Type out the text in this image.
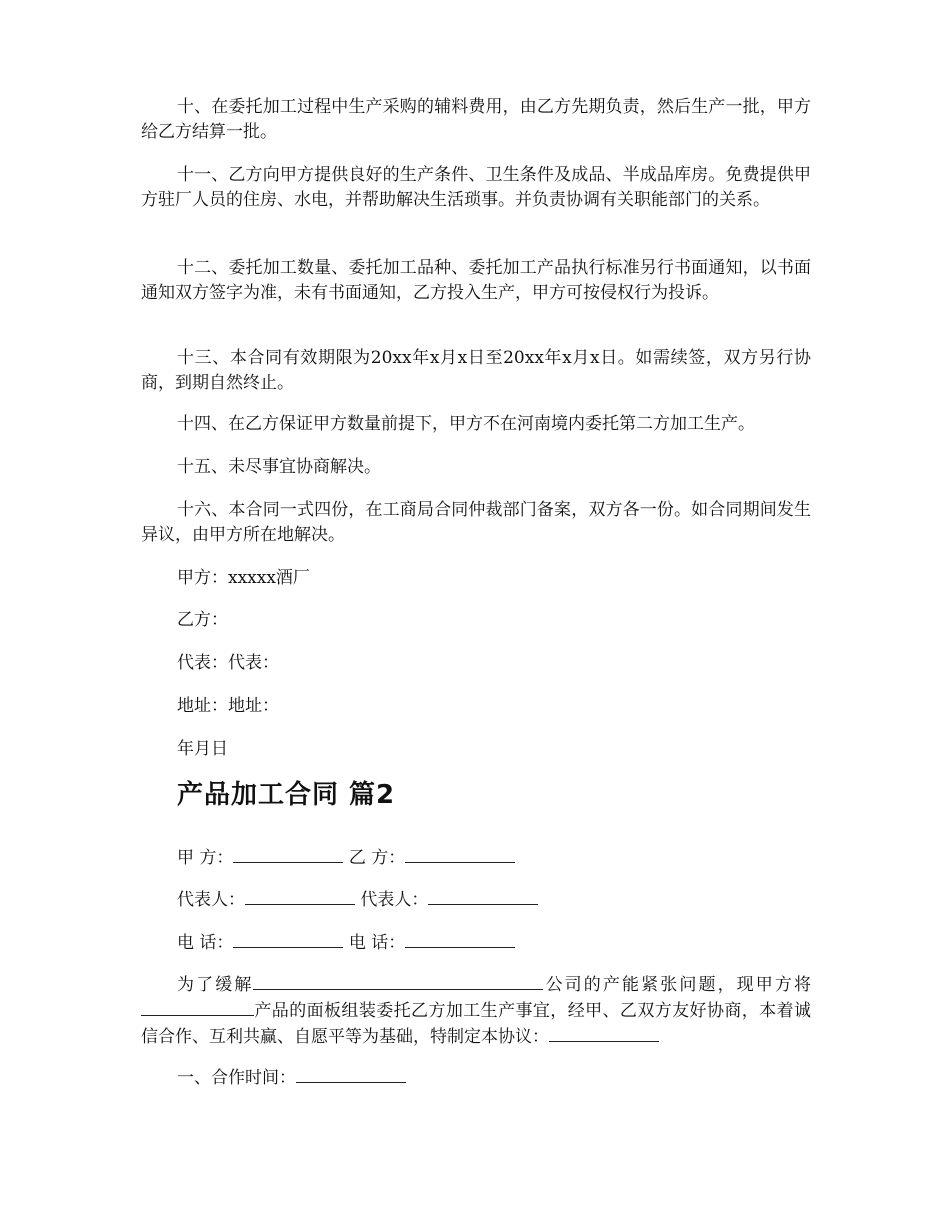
十、在委托加工过程中生产采购的辅料费用，由乙方先期负责，然后生产一批，甲方给乙方结算一批。

十一、乙方向甲方提供良好的生产条件、卫生条件及成品、半成品库房。免费提供甲方驻厂人员的住房、水电，并帮助解决生活琐事。并负责协调有关职能部门的关系。

十二、委托加工数量、委托加工品种、委托加工产品执行标准另行书面通知，以书面通知双方签字为准，未有书面通知，乙方投入生产，甲方可按侵权行为投诉。

十三、本合同有效期限为20xx年x月x日至20xx年x月x日。如需续签，双方另行协商，到期自然终止。

十四、在乙方保证甲方数量前提下，甲方不在河南境内委托第二方加工生产。

十五、未尽事宜协商解决。

十六、本合同一式四份，在工商局合同仲裁部门备案，双方各一份。如合同期间发生异议，由甲方所在地解决。

甲方：xxxxx酒厂

乙方：

代表：代表：

地址：地址：

年月日

产品加工合同 篇2

甲 方：	乙 方：

代表人：	代表人：

电 话：	电 话：

为了缓解	公司的产能紧张问题，现甲方将产品的面板组装委托乙方加工生产事宜，经甲、乙双方友好协商，本着诚信合作、互利共赢、自愿平等为基础，特制定本协议：

一、合作时间：
